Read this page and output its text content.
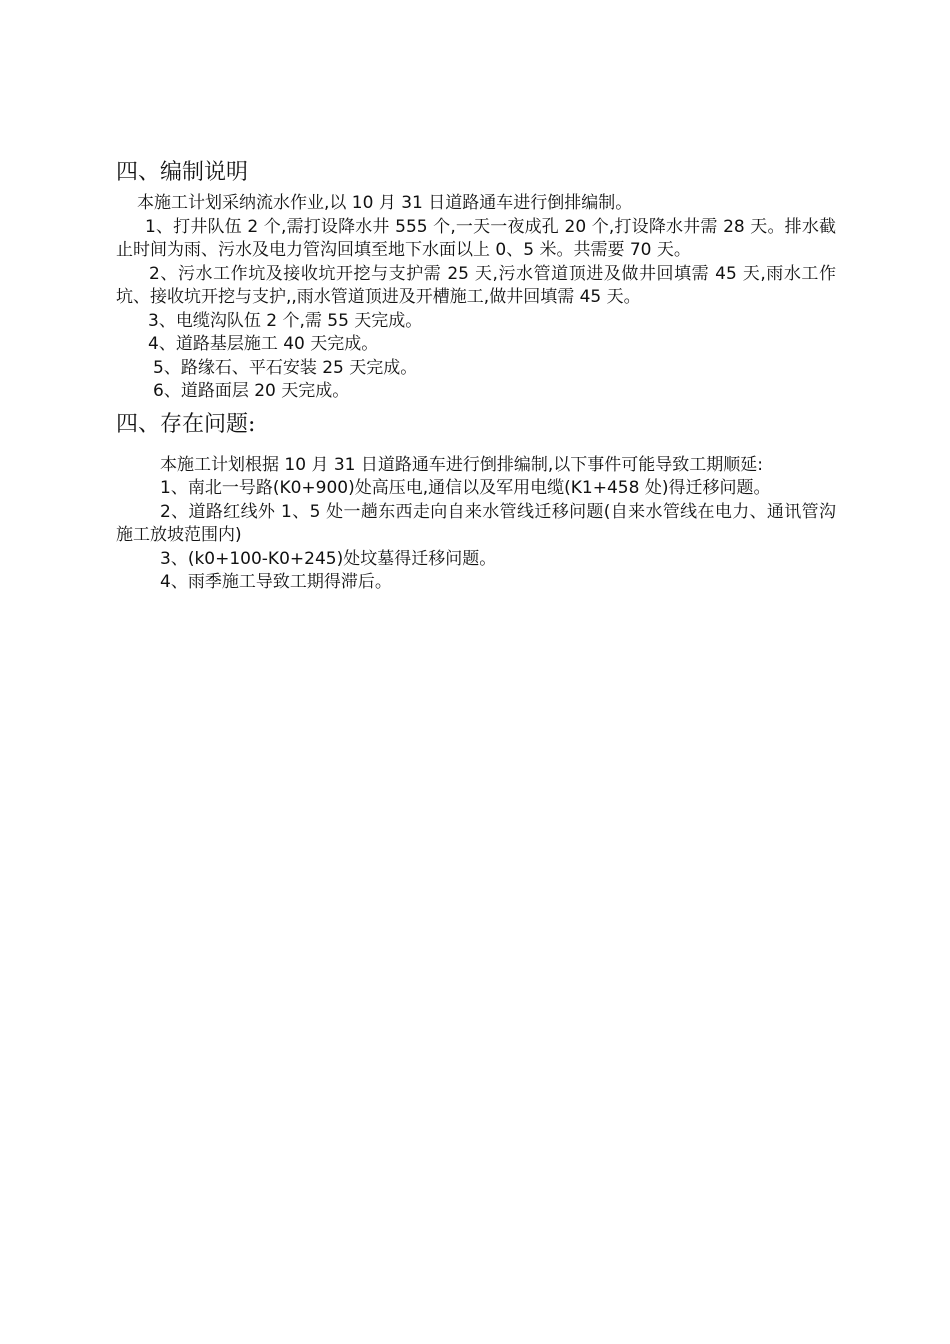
四、编制说明

本施工计划采纳流水作业,以 10 月 31 日道路通车进行倒排编制。

1、打井队伍 2 个,需打设降水井 555 个,一天一夜成孔 20 个,打设降水井需 28 天。排水截止时间为雨、污水及电力管沟回填至地下水面以上 0、5 米。共需要 70 天。

2、污水工作坑及接收坑开挖与支护需 25 天,污水管道顶进及做井回填需 45 天,雨水工作坑、接收坑开挖与支护,,雨水管道顶进及开槽施工,做井回填需 45 天。

3、电缆沟队伍 2 个,需 55 天完成。

4、道路基层施工 40 天完成。

5、路缘石、平石安装 25 天完成。

6、道路面层 20 天完成。

四、存在问题:

本施工计划根据 10 月 31 日道路通车进行倒排编制,以下事件可能导致工期顺延:

1、南北一号路(K0+900)处高压电,通信以及军用电缆(K1+458 处)得迁移问题。

2、道路红线外 1、5 处一趟东西走向自来水管线迁移问题(自来水管线在电力、通讯管沟施工放坡范围内)

3、(k0+100-K0+245)处坟墓得迁移问题。

4、雨季施工导致工期得滞后。
